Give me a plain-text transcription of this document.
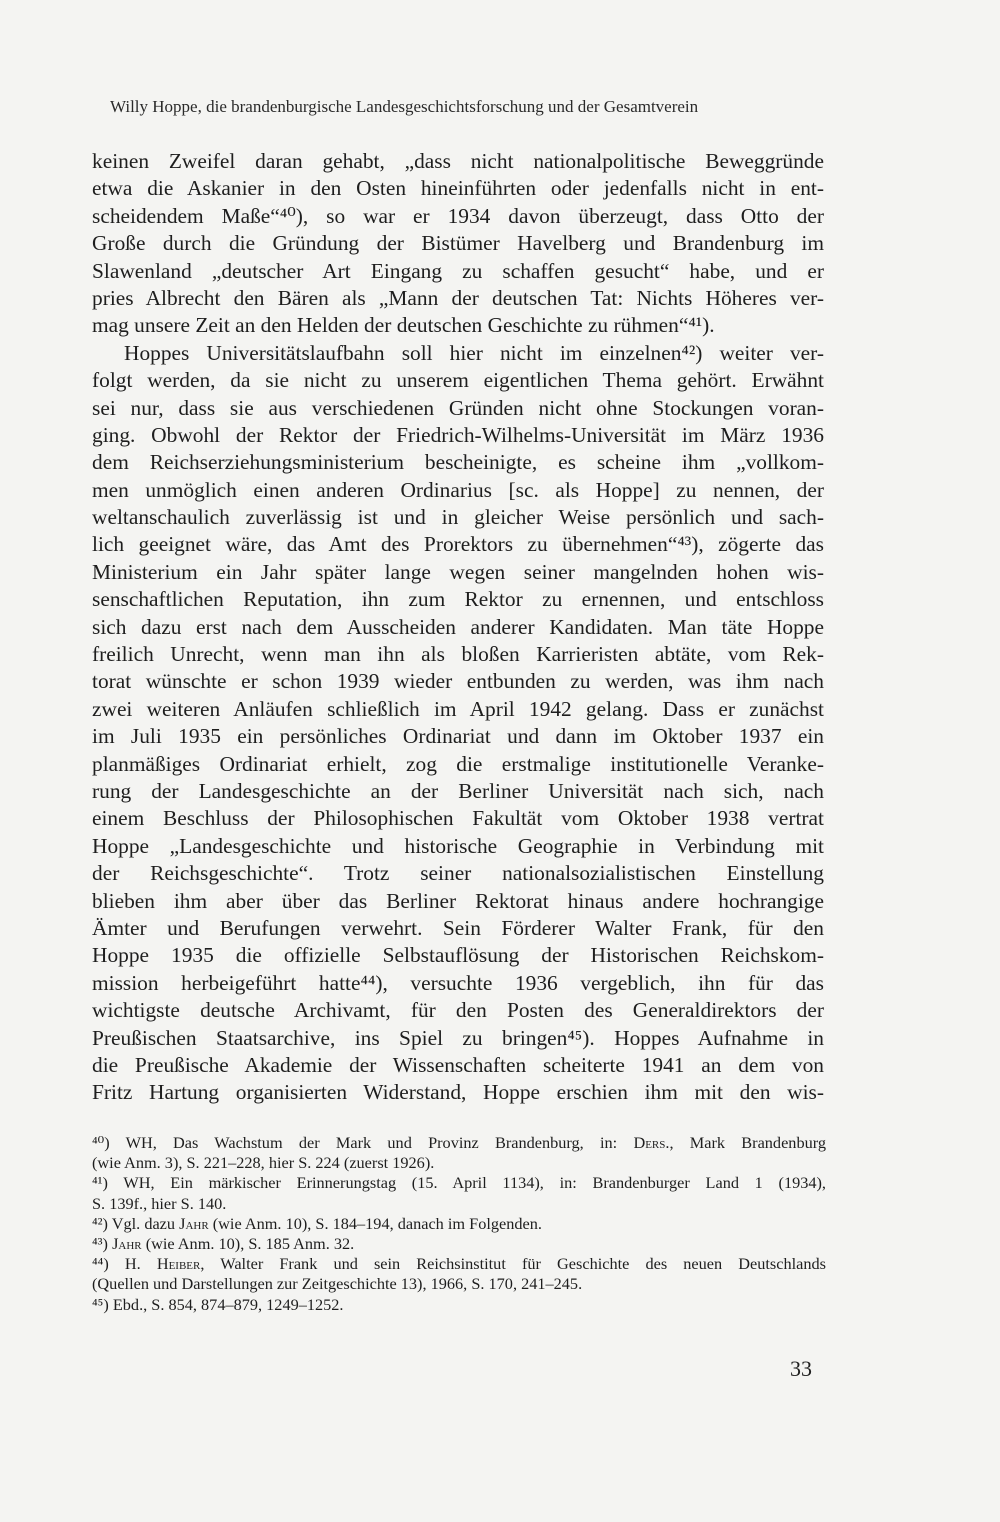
Willy Hoppe, die brandenburgische Landesgeschichtsforschung und der Gesamtverein
keinen Zweifel daran gehabt, „dass nicht nationalpolitische Beweggründe
etwa die Askanier in den Osten hineinführten oder jedenfalls nicht in ent-
scheidendem Maße“⁴⁰), so war er 1934 davon überzeugt, dass Otto der
Große durch die Gründung der Bistümer Havelberg und Brandenburg im
Slawenland „deutscher Art Eingang zu schaffen gesucht“ habe, und er
pries Albrecht den Bären als „Mann der deutschen Tat: Nichts Höheres ver-
mag unsere Zeit an den Helden der deutschen Geschichte zu rühmen“⁴¹).
Hoppes Universitätslaufbahn soll hier nicht im einzelnen⁴²) weiter ver-
folgt werden, da sie nicht zu unserem eigentlichen Thema gehört. Erwähnt
sei nur, dass sie aus verschiedenen Gründen nicht ohne Stockungen voran-
ging. Obwohl der Rektor der Friedrich-Wilhelms-Universität im März 1936
dem Reichserziehungsministerium bescheinigte, es scheine ihm „vollkom-
men unmöglich einen anderen Ordinarius [sc. als Hoppe] zu nennen, der
weltanschaulich zuverlässig ist und in gleicher Weise persönlich und sach-
lich geeignet wäre, das Amt des Prorektors zu übernehmen“⁴³), zögerte das
Ministerium ein Jahr später lange wegen seiner mangelnden hohen wis-
senschaftlichen Reputation, ihn zum Rektor zu ernennen, und entschloss
sich dazu erst nach dem Ausscheiden anderer Kandidaten. Man täte Hoppe
freilich Unrecht, wenn man ihn als bloßen Karrieristen abtäte, vom Rek-
torat wünschte er schon 1939 wieder entbunden zu werden, was ihm nach
zwei weiteren Anläufen schließlich im April 1942 gelang. Dass er zunächst
im Juli 1935 ein persönliches Ordinariat und dann im Oktober 1937 ein
planmäßiges Ordinariat erhielt, zog die erstmalige institutionelle Veranke-
rung der Landesgeschichte an der Berliner Universität nach sich, nach
einem Beschluss der Philosophischen Fakultät vom Oktober 1938 vertrat
Hoppe „Landesgeschichte und historische Geographie in Verbindung mit
der Reichsgeschichte“. Trotz seiner nationalsozialistischen Einstellung
blieben ihm aber über das Berliner Rektorat hinaus andere hochrangige
Ämter und Berufungen verwehrt. Sein Förderer Walter Frank, für den
Hoppe 1935 die offizielle Selbstauflösung der Historischen Reichskom-
mission herbeigeführt hatte⁴⁴), versuchte 1936 vergeblich, ihn für das
wichtigste deutsche Archivamt, für den Posten des Generaldirektors der
Preußischen Staatsarchive, ins Spiel zu bringen⁴⁵). Hoppes Aufnahme in
die Preußische Akademie der Wissenschaften scheiterte 1941 an dem von
Fritz Hartung organisierten Widerstand, Hoppe erschien ihm mit den wis-
⁴⁰) WH, Das Wachstum der Mark und Provinz Brandenburg, in: Ders., Mark Brandenburg
(wie Anm. 3), S. 221–228, hier S. 224 (zuerst 1926).
⁴¹) WH, Ein märkischer Erinnerungstag (15. April 1134), in: Brandenburger Land 1 (1934),
S. 139f., hier S. 140.
⁴²) Vgl. dazu Jahr (wie Anm. 10), S. 184–194, danach im Folgenden.
⁴³) Jahr (wie Anm. 10), S. 185 Anm. 32.
⁴⁴) H. Heiber, Walter Frank und sein Reichsinstitut für Geschichte des neuen Deutschlands
(Quellen und Darstellungen zur Zeitgeschichte 13), 1966, S. 170, 241–245.
⁴⁵) Ebd., S. 854, 874–879, 1249–1252.
33
